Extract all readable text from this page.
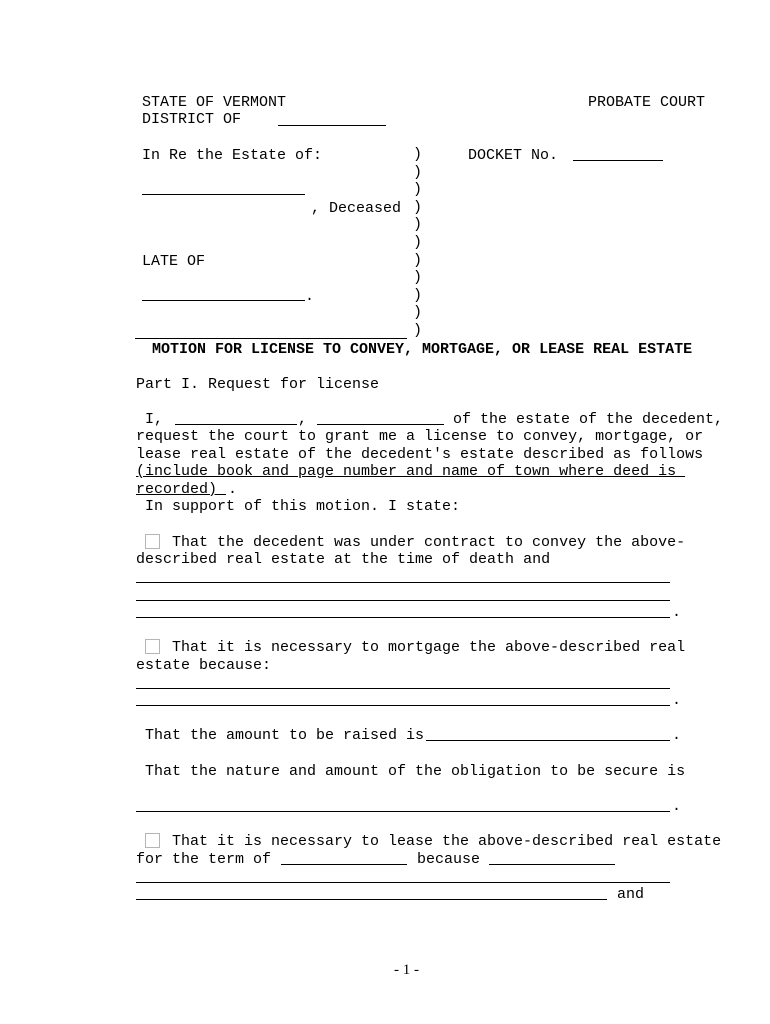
STATE OF VERMONT	PROBATE COURT
DISTRICT OF
In Re the Estate of:	DOCKET No.
)
)
)
)
)
)
)
)
)
)
)
, Deceased
LATE OF
.
MOTION FOR LICENSE TO CONVEY, MORTGAGE, OR LEASE REAL ESTATE
Part I. Request for license
I,	,	of the estate of the decedent,
request the court to grant me a license to convey, mortgage, or
lease real estate of the decedent's estate described as follows
(include book and page number and name of town where deed is
recorded) .
In support of this motion. I state:
That the decedent was under contract to convey the above-
described real estate at the time of death and
.
That it is necessary to mortgage the above-described real
estate because:
.
That the amount to be raised is	.
That the nature and amount of the obligation to be secure is
.
That it is necessary to lease the above-described real estate
for the term of	because
and
- 1 -
